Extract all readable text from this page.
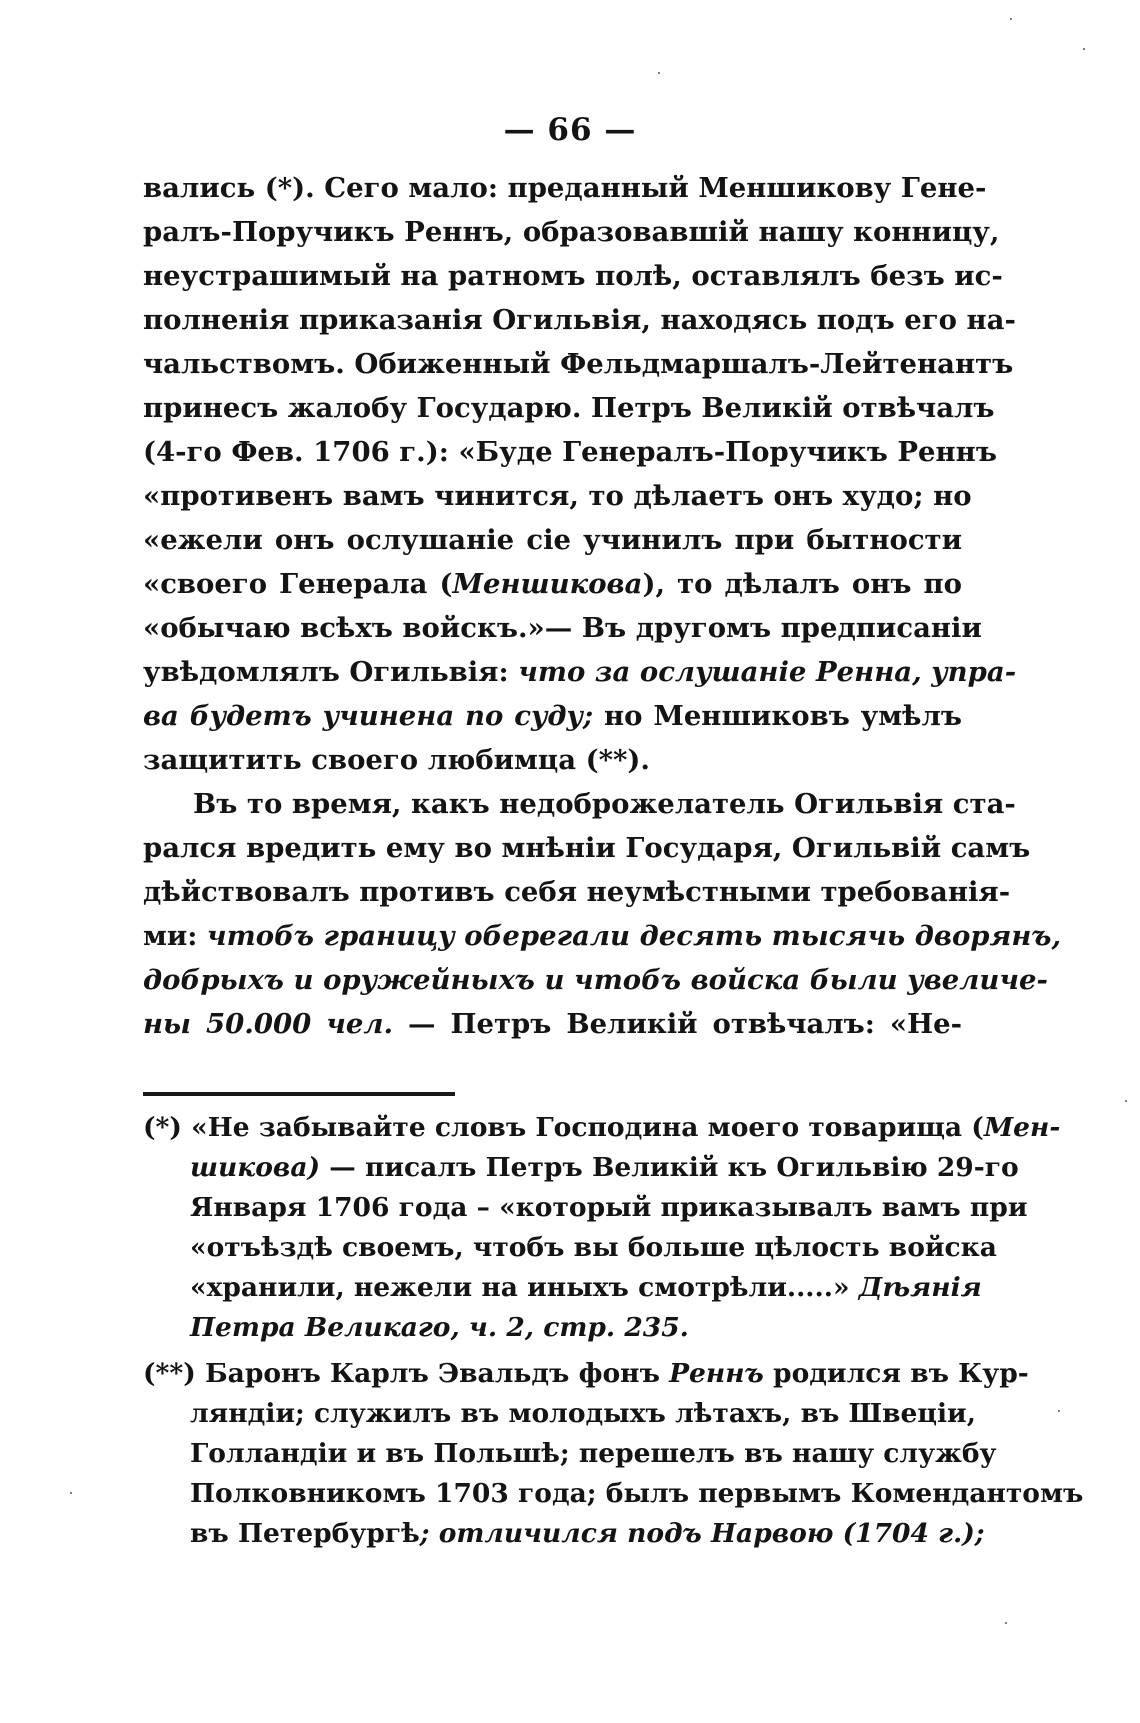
— 66 —
вались (*). Сего мало: преданный Меншикову Гене-
ралъ-Поручикъ Реннъ, образовавшій нашу конницу,
неустрашимый на ратномъ полѣ, оставлялъ безъ ис-
полненія приказанія Огильвія, находясь подъ его на-
чальствомъ. Обиженный Фельдмаршалъ-Лейтенантъ
принесъ жалобу Государю. Петръ Великій отвѣчалъ
(4-го Фев. 1706 г.): «Буде Генералъ-Поручикъ Реннъ
«противенъ вамъ чинится, то дѣлаетъ онъ худо; но
«ежели онъ ослушаніе сіе учинилъ при бытности
«своего Генерала (Меншикова), то дѣлалъ онъ по
«обычаю всѣхъ войскъ.»— Въ другомъ предписаніи
увѣдомлялъ Огильвія: что за ослушаніе Ренна, упра-
ва будетъ учинена по суду; но Меншиковъ умѣлъ
защитить своего любимца (**).
Въ то время, какъ недоброжелатель Огильвія ста-
рался вредить ему во мнѣніи Государя, Огильвій самъ
дѣйствовалъ противъ себя неумѣстными требованія-
ми: чтобъ границу оберегали десять тысячь дворянъ,
добрыхъ и оружейныхъ и чтобъ войска были увеличе-
ны 50.000 чел. — Петръ Великій отвѣчалъ: «Не-
(*) «Не забывайте словъ Господина моего товарища (Мен-
шикова) — писалъ Петръ Великій къ Огильвію 29-го
Января 1706 года – «который приказывалъ вамъ при
«отъѣздѣ своемъ, чтобъ вы больше цѣлость войска
«хранили, нежели на иныхъ смотрѣли.....» Дѣянія
Петра Великаго, ч. 2, стр. 235.
(**) Баронъ Карлъ Эвальдъ фонъ Реннъ родился въ Кур-
ляндіи; служилъ въ молодыхъ лѣтахъ, въ Швеціи,
Голландіи и въ Польшѣ; перешелъ въ нашу службу
Полковникомъ 1703 года; былъ первымъ Комендантомъ
въ Петербургѣ; отличился подъ Нарвою (1704 г.);
